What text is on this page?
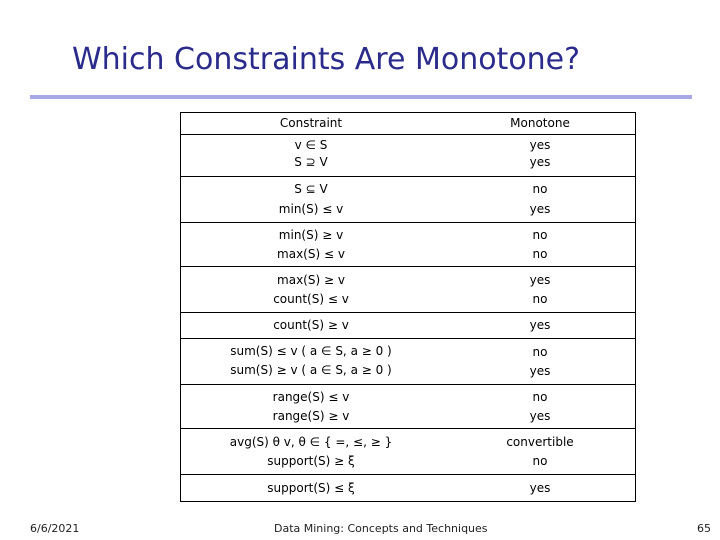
Which Constraints Are Monotone?
Constraint	Monotone
v ∈ S	yes
S ⊇ V	yes
S ⊆ V	no
min(S) ≤ v	yes
min(S) ≥ v	no
max(S) ≤ v	no
max(S) ≥ v	yes
count(S) ≤ v	no
count(S) ≥ v	yes
sum(S) ≤ v ( a ∈ S, a ≥ 0 )	no
sum(S) ≥ v ( a ∈ S, a ≥ 0 )	yes
range(S) ≤ v	no
range(S) ≥ v	yes
avg(S) θ v, θ ∈ { =, ≤, ≥ }	convertible
support(S) ≥ ξ	no
support(S) ≤ ξ	yes
6/6/2021	Data Mining: Concepts and Techniques	65
